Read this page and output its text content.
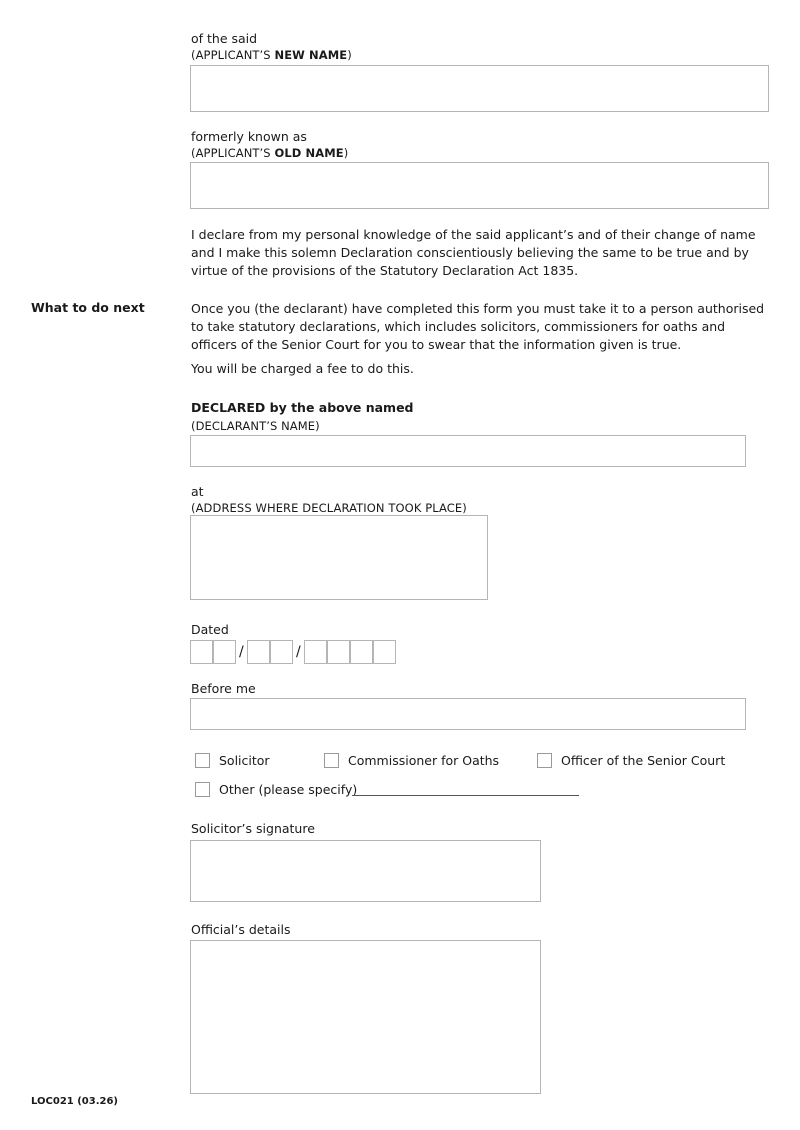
of the said
(APPLICANT’S NEW NAME)
formerly known as
(APPLICANT’S OLD NAME)
I declare from my personal knowledge of the said applicant’s and of their change of name and I make this solemn Declaration conscientiously believing the same to be true and by virtue of the provisions of the Statutory Declaration Act 1835.
What to do next	Once you (the declarant) have completed this form you must take it to a person authorised to take statutory declarations, which includes solicitors, commissioners for oaths and officers of the Senior Court for you to swear that the information given is true.
You will be charged a fee to do this.
DECLARED by the above named
(DECLARANT’S NAME)
at
(ADDRESS WHERE DECLARATION TOOK PLACE)
Dated
/	/
Before me
Solicitor	Commissioner for Oaths	Officer of the Senior Court
Other (please specify)
Solicitor’s signature
Official’s details
LOC021 (03.26)
